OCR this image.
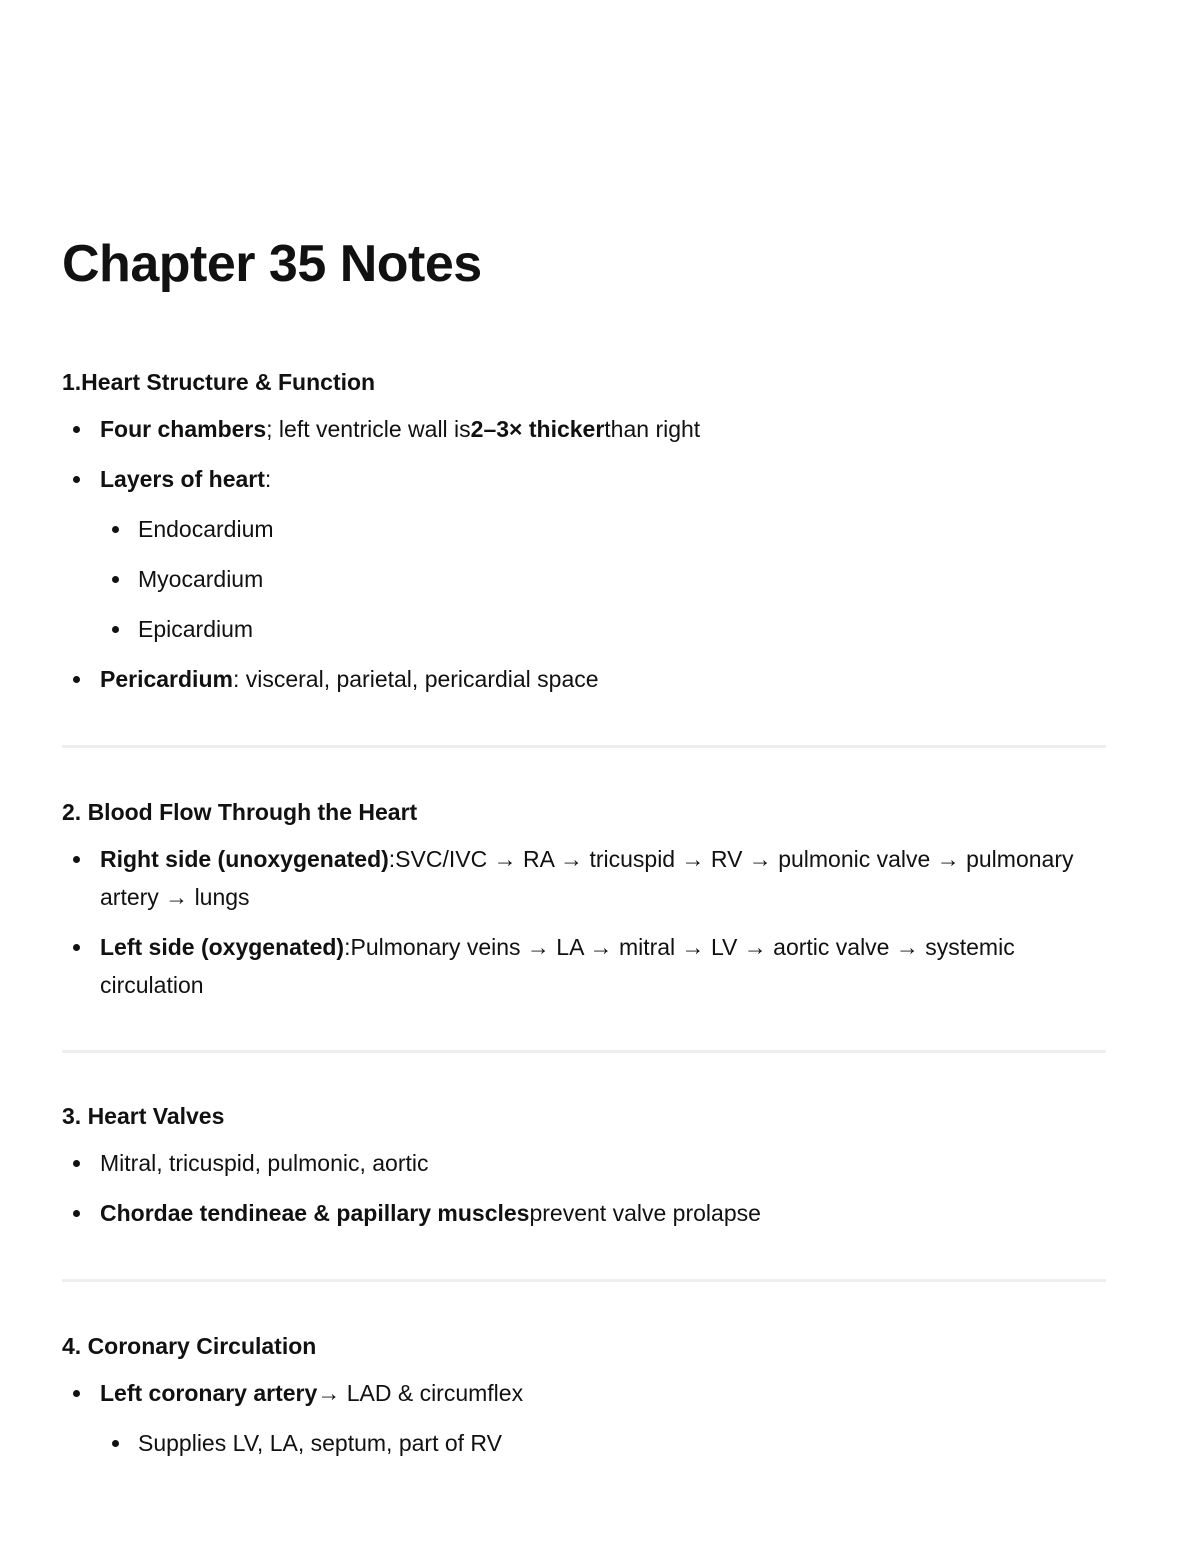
Chapter 35 Notes
1.Heart Structure & Function
Four chambers; left ventricle wall is2–3× thickerthan right
Layers of heart:
Endocardium
Myocardium
Epicardium
Pericardium: visceral, parietal, pericardial space
2. Blood Flow Through the Heart
Right side (unoxygenated):SVC/IVC → RA → tricuspid → RV → pulmonic valve → pulmonary artery → lungs
Left side (oxygenated):Pulmonary veins → LA → mitral → LV → aortic valve → systemic circulation
3. Heart Valves
Mitral, tricuspid, pulmonic, aortic
Chordae tendineae & papillary musclesprevent valve prolapse
4. Coronary Circulation
Left coronary artery→ LAD & circumflex
Supplies LV, LA, septum, part of RV
